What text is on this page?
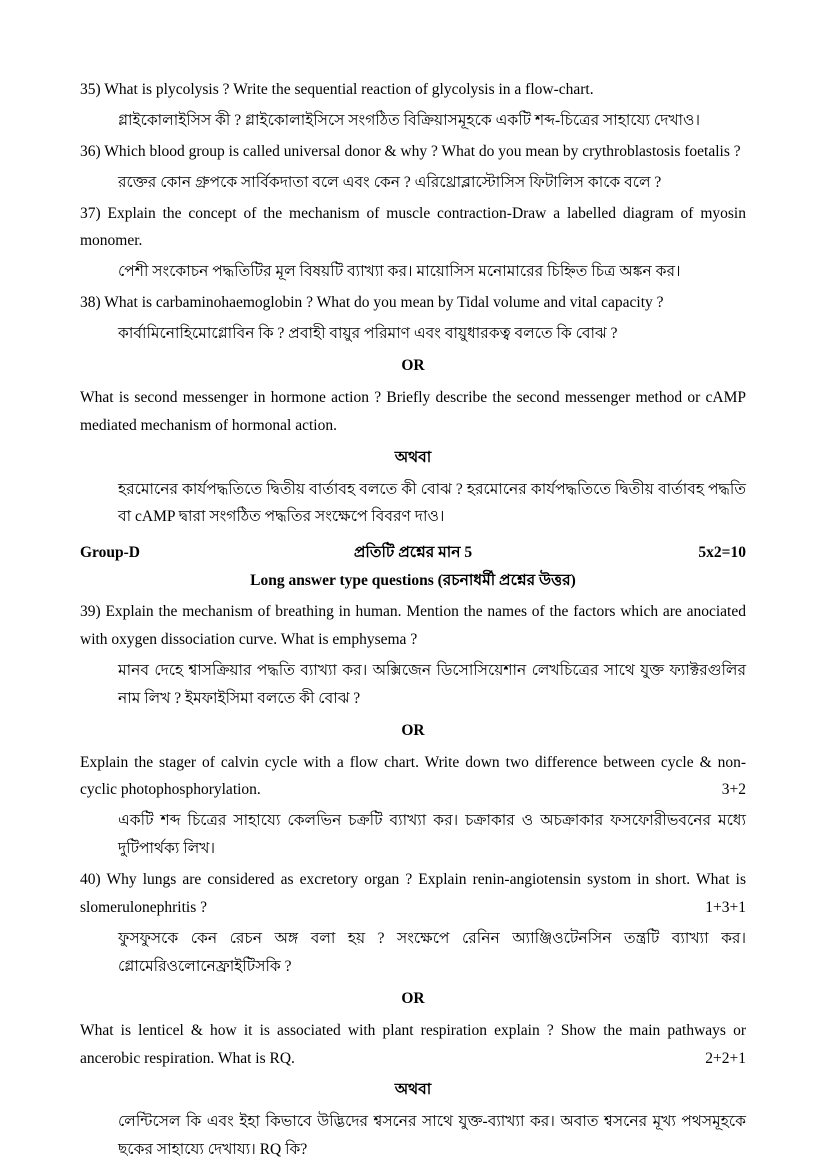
35) What is plycolysis ? Write the sequential reaction of glycolysis in a flow-chart.

গ্লাইকোলাইসিস কী ? গ্লাইকোলাইসিসে সংগঠিত বিক্রিয়াসমূহকে একটি শব্দ-চিত্রের সাহায্যে দেখাও।

36) Which blood group is called universal donor & why ? What do you mean by crythroblastosis foetalis ?

রক্তের কোন গ্রুপকে সার্বিকদাতা বলে এবং কেন ? এরিথ্রোব্লাস্টোসিস ফিটালিস কাকে বলে ?

37) Explain the concept of the mechanism of muscle contraction-Draw a labelled diagram of myosin monomer.

পেশী সংকোচন পদ্ধতিটির মূল বিষয়টি ব্যাখ্যা কর। মায়োসিস মনোমারের চিহ্নিত চিত্র অঙ্কন কর।

38) What is carbaminohaemoglobin ? What do you mean by Tidal volume and vital capacity ?

কার্বামিনোহিমোগ্লোবিন কি ? প্রবাহী বায়ুর পরিমাণ এবং বায়ুধারকত্ব বলতে কি বোঝ ?

OR

What is second messenger in hormone action ? Briefly describe the second messenger method or cAMP mediated mechanism of hormonal action.

অথবা

হরমোনের কার্যপদ্ধতিতে দ্বিতীয় বার্তাবহ বলতে কী বোঝ ? হরমোনের কার্যপদ্ধতিতে দ্বিতীয় বার্তাবহ পদ্ধতি বা cAMP দ্বারা সংগঠিত পদ্ধতির সংক্ষেপে বিবরণ দাও।

Group-D	প্রতিটি প্রশ্নের মান 5	5x2=10

Long answer type questions (রচনাধর্মী প্রশ্নের উত্তর)

39) Explain the mechanism of breathing in human. Mention the names of the factors which are anociated with oxygen dissociation curve. What is emphysema ?

মানব দেহে শ্বাসক্রিয়ার পদ্ধতি ব্যাখ্যা কর। অক্সিজেন ডিসোসিয়েশান লেখচিত্রের সাথে যুক্ত ফ্যাক্টরগুলির নাম লিখ ? ইমফাইসিমা বলতে কী বোঝ ?

OR

Explain the stager of calvin cycle with a flow chart. Write down two difference between cycle & non-cyclic photophosphorylation.	3+2

একটি শব্দ চিত্রের সাহায্যে কেলভিন চক্রটি ব্যাখ্যা কর। চক্রাকার ও অচক্রাকার ফসফোরীভবনের মধ্যে দুটিপার্থক্য লিখ।

40) Why lungs are considered as excretory organ ? Explain renin-angiotensin systom in short. What is slomerulonephritis ?	1+3+1

ফুসফুসকে কেন রেচন অঙ্গ বলা হয় ? সংক্ষেপে রেনিন অ্যাঞ্জিওটেনসিন তন্ত্রটি ব্যাখ্যা কর। গ্লোমেরিওলোনেফ্রাইটিসকি ?

OR

What is lenticel & how it is associated with plant respiration explain ? Show the main pathways or ancerobic respiration. What is RQ.	2+2+1

অথবা

লেন্টিসেল কি এবং ইহা কিভাবে উদ্ভিদের শ্বসনের সাথে যুক্ত-ব্যাখ্যা কর। অবাত শ্বসনের মূখ্য পথসমূহকে ছকের সাহায্যে দেখায্য। RQ কি?
